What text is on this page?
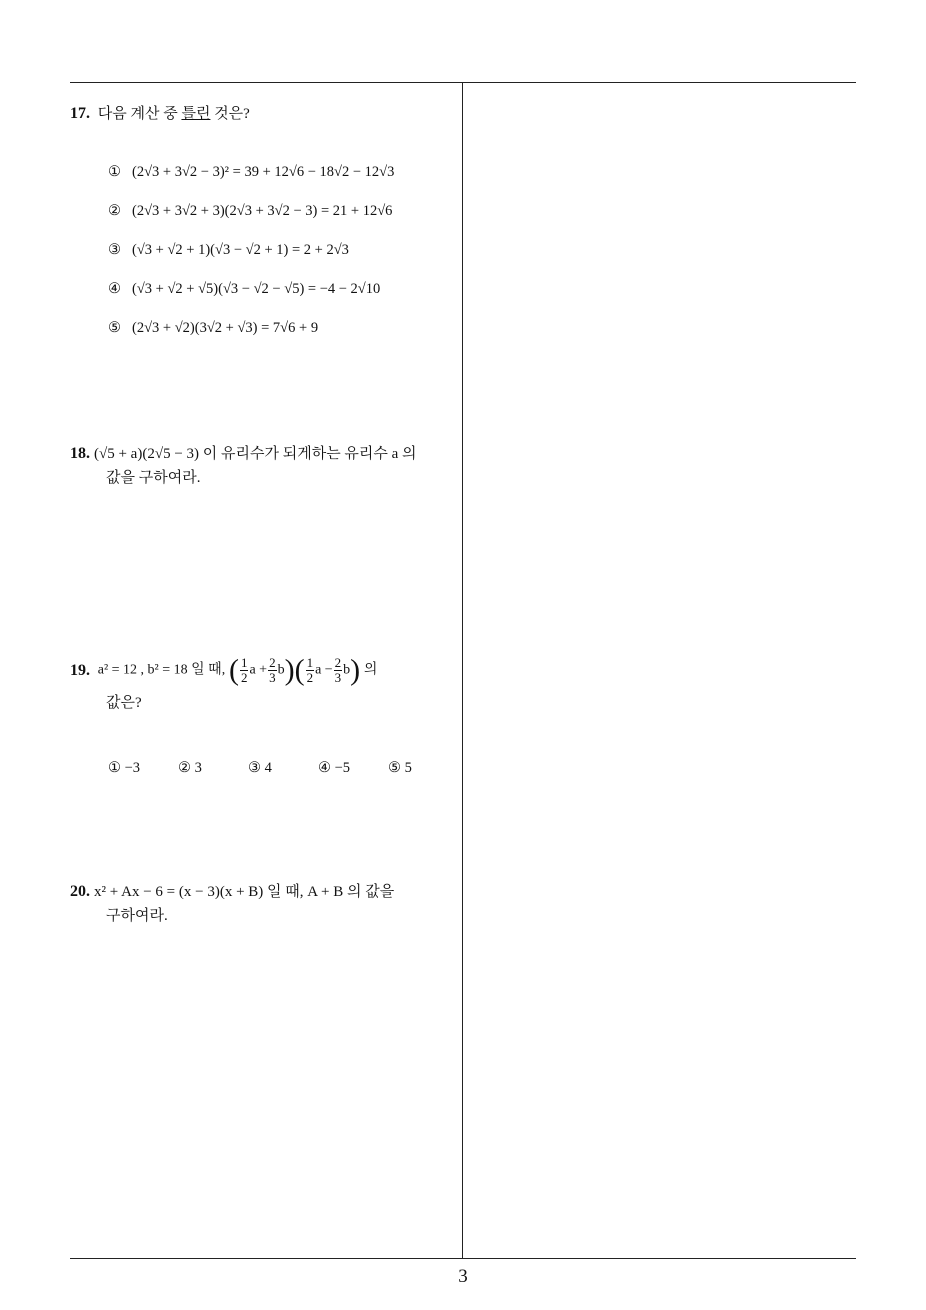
17. 다음 계산 중 틀린 것은?
① (2√3 + 3√2 − 3)² = 39 + 12√6 − 18√2 − 12√3
② (2√3 + 3√2 + 3)(2√3 + 3√2 − 3) = 21 + 12√6
③ (√3 + √2 + 1)(√3 − √2 + 1) = 2 + 2√3
④ (√3 + √2 + √5)(√3 − √2 − √5) = −4 − 2√10
⑤ (2√3 + √2)(3√2 + √3) = 7√6 + 9
18. (√5 + a)(2√5 − 3) 이 유리수가 되게하는 유리수 a 의
값을 구하여라.
19. a² = 12 , b² = 18 일 때, ( $\frac{1}{2}$ $a + \frac{2}{3} b)( \frac{1}{2}$ $a - \frac{2}{3} b$) 의
값은?
① −3	② 3	③ 4	④ −5	⑤ 5
20. x² + Ax − 6 = (x − 3)(x + B) 일 때, A + B 의 값을
구하여라.
3
